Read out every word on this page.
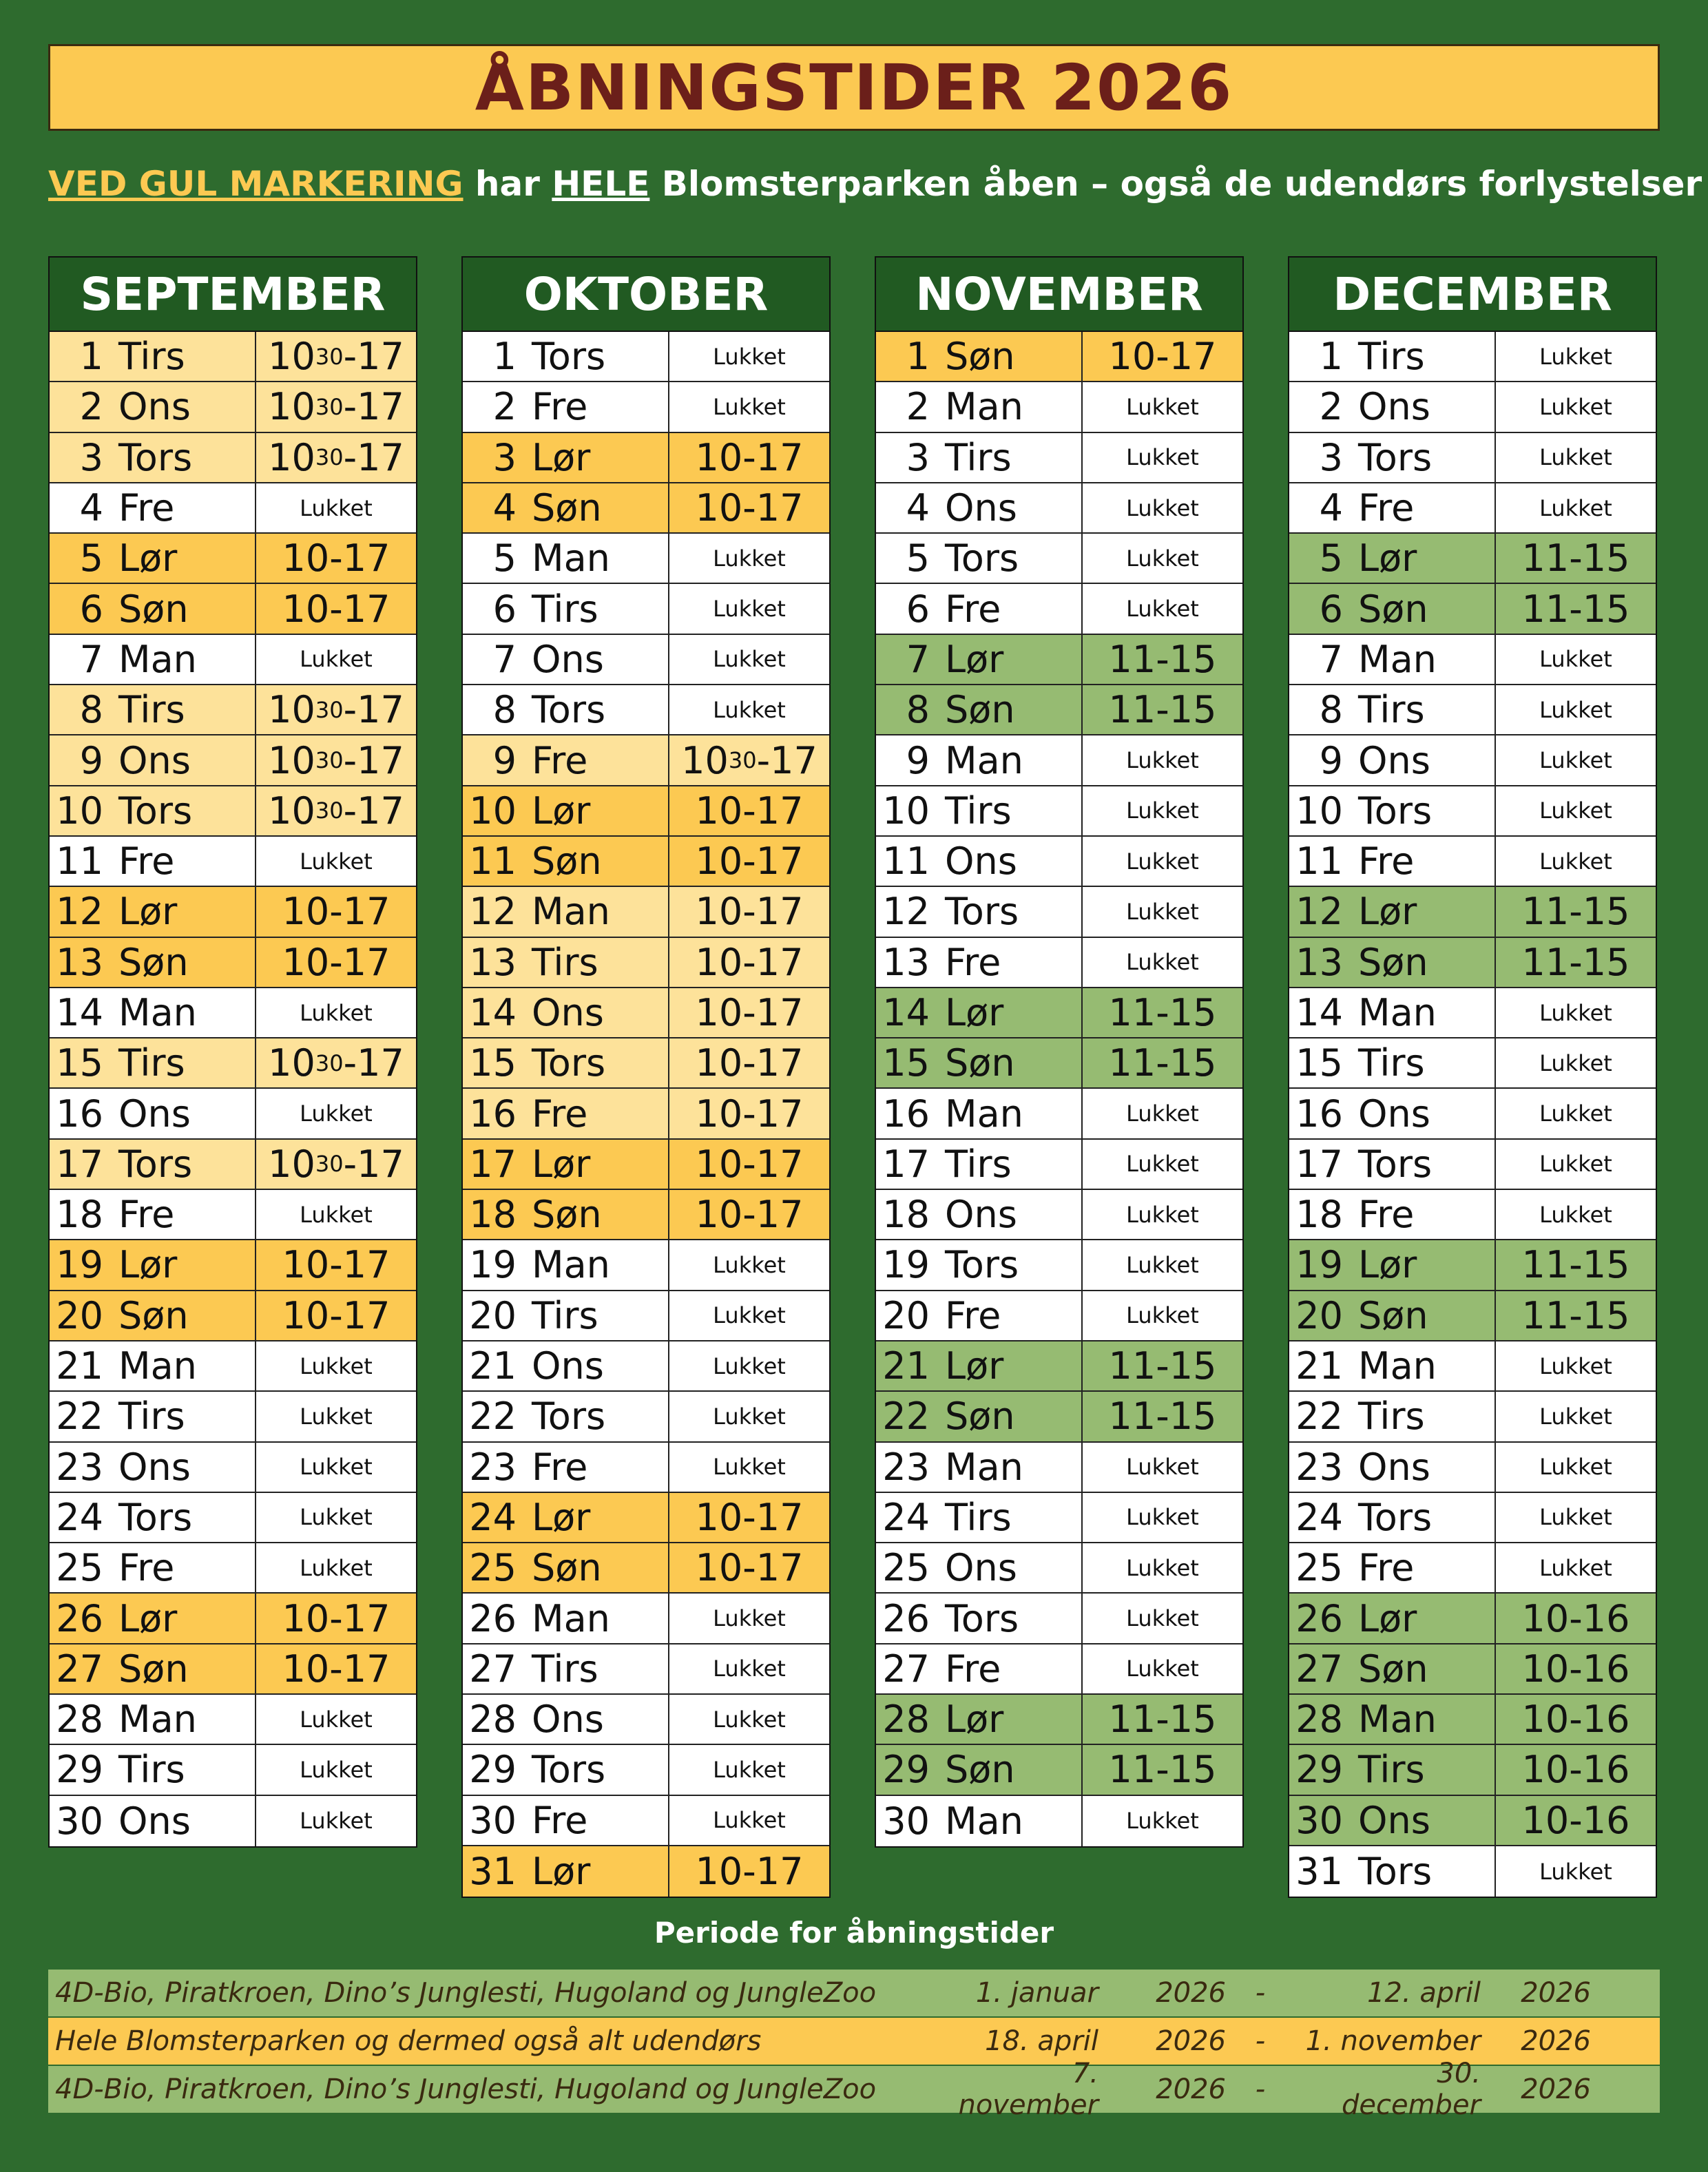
ÅBNINGSTIDER 2026
VED GUL MARKERING har HELE Blomsterparken åben – også de udendørs forlystelser
SEPTEMBER
1 Tirs	10 30 -17
2 Ons	10 30 -17
3 Tors	10 30 -17
4 Fre	Lukket
5 Lør	10-17
6 Søn	10-17
7 Man	Lukket
8 Tirs	10 30 -17
9 Ons	10 30 -17
10 Tors	10 30 -17
11 Fre	Lukket
12 Lør	10-17
13 Søn	10-17
14 Man	Lukket
15 Tirs	10 30 -17
16 Ons	Lukket
17 Tors	10 30 -17
18 Fre	Lukket
19 Lør	10-17
20 Søn	10-17
21 Man	Lukket
22 Tirs	Lukket
23 Ons	Lukket
24 Tors	Lukket
25 Fre	Lukket
26 Lør	10-17
27 Søn	10-17
28 Man	Lukket
29 Tirs	Lukket
30 Ons	Lukket
OKTOBER
1 Tors	Lukket
2 Fre	Lukket
3 Lør	10-17
4 Søn	10-17
5 Man	Lukket
6 Tirs	Lukket
7 Ons	Lukket
8 Tors	Lukket
9 Fre	10 30 -17
10 Lør	10-17
11 Søn	10-17
12 Man	10-17
13 Tirs	10-17
14 Ons	10-17
15 Tors	10-17
16 Fre	10-17
17 Lør	10-17
18 Søn	10-17
19 Man	Lukket
20 Tirs	Lukket
21 Ons	Lukket
22 Tors	Lukket
23 Fre	Lukket
24 Lør	10-17
25 Søn	10-17
26 Man	Lukket
27 Tirs	Lukket
28 Ons	Lukket
29 Tors	Lukket
30 Fre	Lukket
31 Lør	10-17
NOVEMBER
1 Søn	10-17
2 Man	Lukket
3 Tirs	Lukket
4 Ons	Lukket
5 Tors	Lukket
6 Fre	Lukket
7 Lør	11-15
8 Søn	11-15
9 Man	Lukket
10 Tirs	Lukket
11 Ons	Lukket
12 Tors	Lukket
13 Fre	Lukket
14 Lør	11-15
15 Søn	11-15
16 Man	Lukket
17 Tirs	Lukket
18 Ons	Lukket
19 Tors	Lukket
20 Fre	Lukket
21 Lør	11-15
22 Søn	11-15
23 Man	Lukket
24 Tirs	Lukket
25 Ons	Lukket
26 Tors	Lukket
27 Fre	Lukket
28 Lør	11-15
29 Søn	11-15
30 Man	Lukket
DECEMBER
1 Tirs	Lukket
2 Ons	Lukket
3 Tors	Lukket
4 Fre	Lukket
5 Lør	11-15
6 Søn	11-15
7 Man	Lukket
8 Tirs	Lukket
9 Ons	Lukket
10 Tors	Lukket
11 Fre	Lukket
12 Lør	11-15
13 Søn	11-15
14 Man	Lukket
15 Tirs	Lukket
16 Ons	Lukket
17 Tors	Lukket
18 Fre	Lukket
19 Lør	11-15
20 Søn	11-15
21 Man	Lukket
22 Tirs	Lukket
23 Ons	Lukket
24 Tors	Lukket
25 Fre	Lukket
26 Lør	10-16
27 Søn	10-16
28 Man	10-16
29 Tirs	10-16
30 Ons	10-16
31 Tors	Lukket
Periode for åbningstider
4D-Bio, Piratkroen, Dino’s Junglesti, Hugoland og JungleZoo	1. januar	2026	-	12. april	2026
Hele Blomsterparken og dermed også alt udendørs	18. april	2026	-	1. november	2026
4D-Bio, Piratkroen, Dino’s Junglesti, Hugoland og JungleZoo	7. november	2026	-	30. december	2026
